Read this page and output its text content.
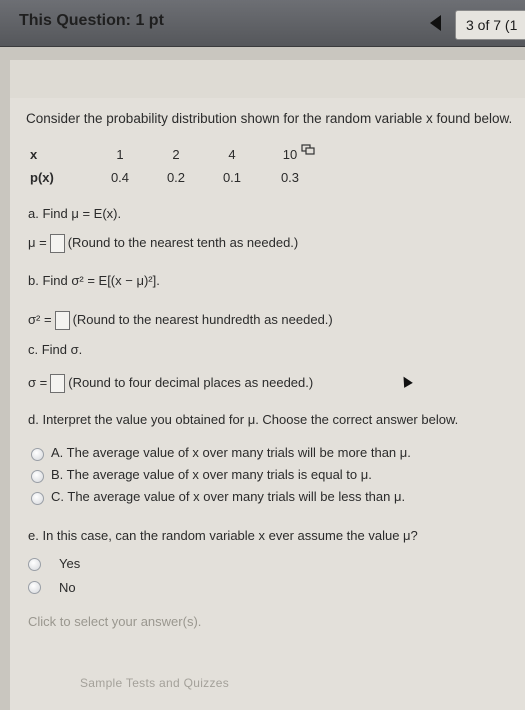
This Question: 1 pt	3 of 7 (1
Consider the probability distribution shown for the random variable x found below.
x	1	2	4	10
p(x)	0.4	0.2	0.1	0.3
a. Find μ = E(x).
μ = (Round to the nearest tenth as needed.)
b. Find σ² = E[(x − μ)²].
σ² = (Round to the nearest hundredth as needed.)
c. Find σ.
σ = (Round to four decimal places as needed.)
d. Interpret the value you obtained for μ. Choose the correct answer below.
A. The average value of x over many trials will be more than μ.
B. The average value of x over many trials is equal to μ.
C. The average value of x over many trials will be less than μ.
e. In this case, can the random variable x ever assume the value μ?
Yes
No
Click to select your answer(s).
Sample Tests and Quizzes
